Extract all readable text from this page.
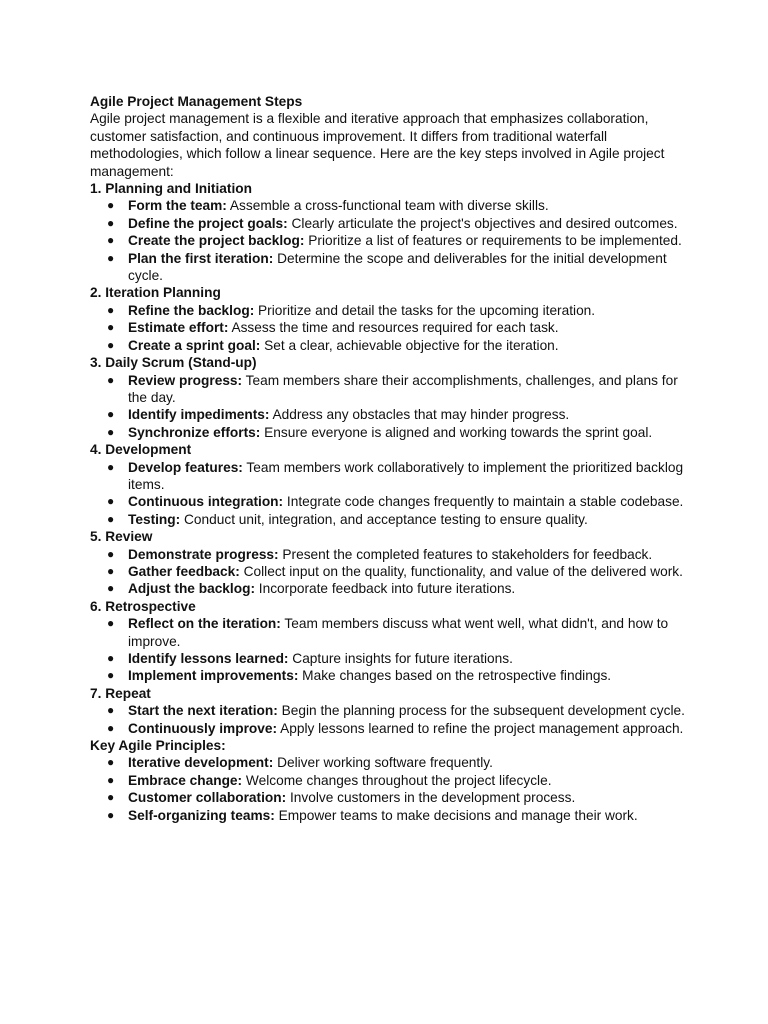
Agile Project Management Steps

Agile project management is a flexible and iterative approach that emphasizes collaboration, customer satisfaction, and continuous improvement. It differs from traditional waterfall methodologies, which follow a linear sequence. Here are the key steps involved in Agile project management:

1. Planning and Initiation

● Form the team: Assemble a cross-functional team with diverse skills.
● Define the project goals: Clearly articulate the project's objectives and desired outcomes.
● Create the project backlog: Prioritize a list of features or requirements to be implemented.
● Plan the first iteration: Determine the scope and deliverables for the initial development cycle.

2. Iteration Planning

● Refine the backlog: Prioritize and detail the tasks for the upcoming iteration.
● Estimate effort: Assess the time and resources required for each task.
● Create a sprint goal: Set a clear, achievable objective for the iteration.

3. Daily Scrum (Stand-up)

● Review progress: Team members share their accomplishments, challenges, and plans for the day.
● Identify impediments: Address any obstacles that may hinder progress.
● Synchronize efforts: Ensure everyone is aligned and working towards the sprint goal.

4. Development

● Develop features: Team members work collaboratively to implement the prioritized backlog items.
● Continuous integration: Integrate code changes frequently to maintain a stable codebase.
● Testing: Conduct unit, integration, and acceptance testing to ensure quality.

5. Review

● Demonstrate progress: Present the completed features to stakeholders for feedback.
● Gather feedback: Collect input on the quality, functionality, and value of the delivered work.
● Adjust the backlog: Incorporate feedback into future iterations.

6. Retrospective

● Reflect on the iteration: Team members discuss what went well, what didn't, and how to improve.
● Identify lessons learned: Capture insights for future iterations.
● Implement improvements: Make changes based on the retrospective findings.

7. Repeat

● Start the next iteration: Begin the planning process for the subsequent development cycle.
● Continuously improve: Apply lessons learned to refine the project management approach.

Key Agile Principles:

● Iterative development: Deliver working software frequently.
● Embrace change: Welcome changes throughout the project lifecycle.
● Customer collaboration: Involve customers in the development process.
● Self-organizing teams: Empower teams to make decisions and manage their work.
